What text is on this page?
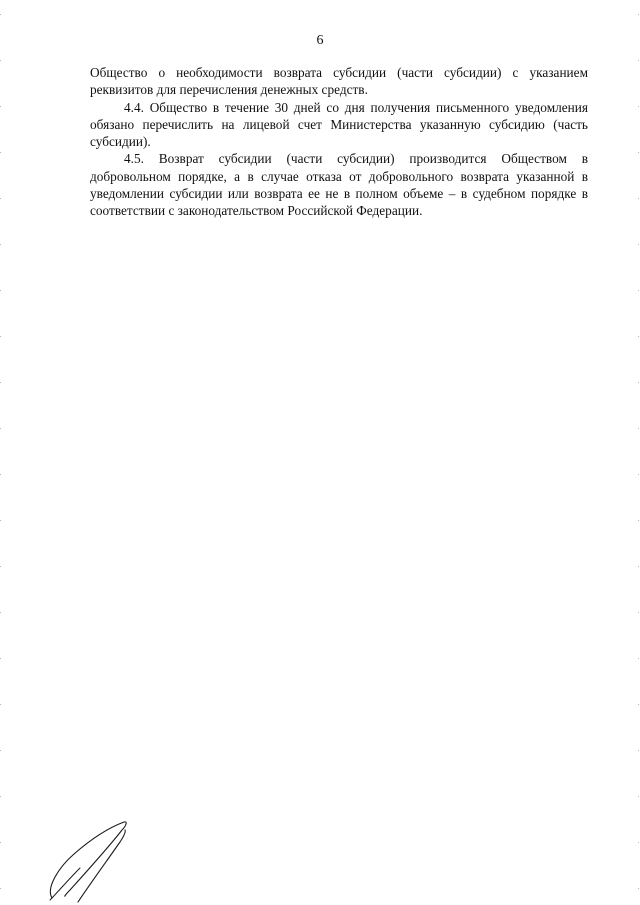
6

Общество о необходимости возврата субсидии (части субсидии) с указанием реквизитов для перечисления денежных средств.

4.4. Общество в течение 30 дней со дня получения письменного уведомления обязано перечислить на лицевой счет Министерства указанную субсидию (часть субсидии).

4.5. Возврат субсидии (части субсидии) производится Обществом в добровольном порядке, а в случае отказа от добровольного возврата указанной в уведомлении субсидии или возврата ее не в полном объеме – в судебном порядке в соответствии с законодательством Российской Федерации.
